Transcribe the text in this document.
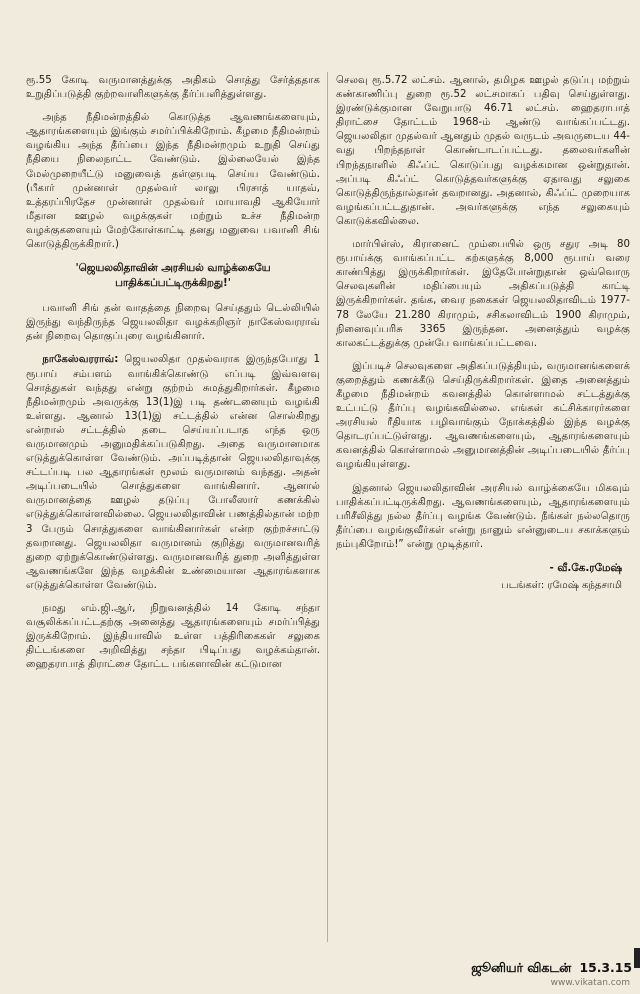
ரூ.55 கோடி வருமானத்துக்கு அதிகம் சொத்து சேர்த்ததாக உறுதிப்படுத்தி குற்றவாளிகளுக்கு தீர்ப்பளித்துள்ளது.

அந்த நீதிமன்றத்தில் கொடுத்த ஆவணங்களையும், ஆதாரங்களையும் இங்கும் சமர்ப்பிக்கிறோம். கீழமை நீதிமன்றம் வழங்கிய அந்த தீர்ப்பை இந்த நீதிமன்றமும் உறுதி செய்து நீதியை நிலைநாட்ட வேண்டும். இல்லையேல் இந்த மேல்முறையீட்டு மனுவைத் தள்ளுபடி செய்ய வேண்டும். (பீகார் முன்னாள் முதல்வர் லாலு பிரசாத் யாதவ், உத்தரப்பிரதேச முன்னாள் முதல்வர் மாயாவதி ஆகியோர் மீதான ஊழல் வழக்குகள் மற்றும் உச்ச நீதிமன்ற வழக்குகளையும் மேற்கோள்காட்டி தனது மனுவை பவானி சிங் கொடுத்திருக்கிறார்.)

'ஜெயலலிதாவின் அரசியல் வாழ்க்கையே பாதிக்கப்பட்டிருக்கிறது!'

பவானி சிங் தன் வாதத்தை நிறைவு செய்ததும் டெல்லியில் இருந்து வந்திருந்த ஜெயலலிதா வழக்கறிஞர் நாகேஸ்வரராவ் தன் நிறைவு தொகுப்புரை வழங்கினார்.

நாகேஸ்வரராவ்: ஜெயலலிதா முதல்வராக இருந்தபோது 1 ரூபாய் சம்பளம் வாங்கிக்கொண்டு எப்படி இவ்வளவு சொத்துகள் வந்தது என்று குற்றம் சுமத்துகிறார்கள். கீழமை நீதிமன்றமும் அவருக்கு 13(1)இ படி தண்டனையும் வழங்கி உள்ளது. ஆனால் 13(1)இ சட்டத்தில் என்ன சொல்கிறது என்றால் சட்டத்தில் தடை செய்யப்படாத எந்த ஒரு வருமானமும் அனுமதிக்கப்படுகிறது. அதை வருமானமாக எடுத்துக்கொள்ள வேண்டும். அப்படித்தான் ஜெயலலிதாவுக்கு சட்டப்படி பல ஆதாரங்கள் மூலம் வருமானம் வந்தது. அதன் அடிப்படையில் சொத்துகளை வாங்கினார். ஆனால் வருமானத்தை ஊழல் தடுப்பு போலீஸார் கணக்கில் எடுத்துக்கொள்ளவில்லை. ஜெயலலிதாவின் பணத்தில்தான் மற்ற 3 பேரும் சொத்துகளை வாங்கினார்கள் என்ற குற்றச்சாட்டு தவறானது. ஜெயலலிதா வருமானம் குறித்து வருமானவரித் துறை ஏற்றுக்கொண்டுள்ளது. வருமானவரித் துறை அளித்துள்ள ஆவணங்களே இந்த வழக்கின் உண்மையான ஆதாரங்களாக எடுத்துக்கொள்ள வேண்டும்.

நமது எம்.ஜி.ஆர், நிறுவனத்தில் 14 கோடி சந்தா வசூலிக்கப்பட்டதற்கு அனைத்து ஆதாரங்களையும் சமர்ப்பித்து இருக்கிறோம். இந்தியாவில் உள்ள பத்திரிகைகள் சலுகை திட்டங்களை அறிவித்து சந்தா பிடிப்பது வழக்கம்தான். ஹைதராபாத் திராட்சை தோட்ட பங்களாவின் கட்டுமான

செலவு ரூ.5.72 லட்சம். ஆனால், தமிழக ஊழல் தடுப்பு மற்றும் கண்காணிப்பு துறை ரூ.52 லட்சமாகப் பதிவு செய்துள்ளது. இரண்டுக்குமான வேறுபாடு 46.71 லட்சம். ஹைதராபாத் திராட்சை தோட்டம் 1968-ம் ஆண்டு வாங்கப்பட்டது. ஜெயலலிதா முதல்வர் ஆனதும் முதல் வருடம் அவருடைய 44-வது பிறந்தநாள் கொண்டாடப்பட்டது. தலைவர்களின் பிறந்தநாளில் கிஃப்ட் கொடுப்பது வழக்கமான ஒன்றுதான். அப்படி கிஃப்ட் கொடுத்தவர்களுக்கு ஏதாவது சலுகை கொடுத்திருந்தால்தான் தவறானது. அதனால், கிஃப்ட் முறையாக வழங்கப்பட்டதுதான். அவர்களுக்கு எந்த சலுகையும் கொடுக்கவில்லை.

மார்பிள்ஸ், கிரானைட் மும்பையில் ஒரு சதுர அடி 80 ரூபாய்க்கு வாங்கப்பட்ட கற்களுக்கு 8,000 ரூபாய் வரை காண்பித்து இருக்கிறார்கள். இதேபோன்றுதான் ஒவ்வொரு செலவுகளின் மதிப்பையும் அதிகப்படுத்தி காட்டி இருக்கிறார்கள். தங்க, வைர நகைகள் ஜெயலலிதாவிடம் 1977-78 லேயே 21.280 கிராமும், சசிகலாவிடம் 1900 கிராமும், நினைவுப்பரிசு 3365 இருந்தன. அனைத்தும் வழக்கு காலகட்டத்துக்கு முன்பே வாங்கப்பட்டவை.

இப்படிச் செலவுகளை அதிகப்படுத்தியும், வருமானங்களைக் குறைத்தும் கணக்கீடு செய்திருக்கிறார்கள். இதை அனைத்தும் கீழமை நீதிமன்றம் கவனத்தில் கொள்ளாமல் சட்டத்துக்கு உட்பட்டு தீர்ப்பு வழங்கவில்லை. எங்கள் கட்சிக்காரர்களை அரசியல் ரீதியாக பழிவாங்கும் நோக்கத்தில் இந்த வழக்கு தொடரப்பட்டுள்ளது. ஆவணங்களையும், ஆதாரங்களையும் கவனத்தில் கொள்ளாமல் அனுமானத்தின் அடிப்படையில் தீர்ப்பு வழங்கியுள்ளது.

இதனால் ஜெயலலிதாவின் அரசியல் வாழ்க்கையே மிகவும் பாதிக்கப்பட்டிருக்கிறது. ஆவணங்களையும், ஆதாரங்களையும் பரிசீலித்து நல்ல தீர்ப்பு வழங்க வேண்டும். நீங்கள் நல்லதொரு தீர்ப்பை வழங்குவீர்கள் என்று நானும் என்னுடைய சகாக்களும் நம்புகிறோம்!” என்று முடித்தார்.

- வீ.கே.ரமேஷ்

படங்கள்: ரமேஷ் கந்தசாமி

ஜூனியர் விகடன் 15.3.15
www.vikatan.com
